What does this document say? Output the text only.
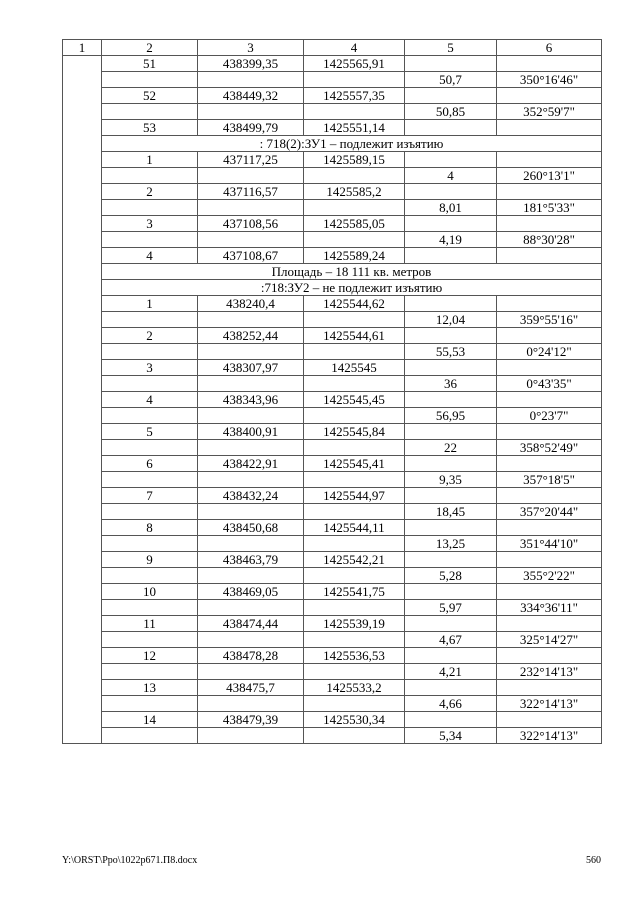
1	2	3	4	5	6
	51	438399,35	1425565,91		
				50,7	350°16'46"
	52	438449,32	1425557,35		
				50,85	352°59'7"
	53	438499,79	1425551,14		
	: 718(2):ЗУ1 – подлежит изъятию				
	1	437117,25	1425589,15		
				4	260°13'1"
	2	437116,57	1425585,2		
				8,01	181°5'33"
	3	437108,56	1425585,05		
				4,19	88°30'28"
	4	437108,67	1425589,24		
	Площадь – 18 111 кв. метров				
	:718:ЗУ2 – не подлежит изъятию				
	1	438240,4	1425544,62		
				12,04	359°55'16"
	2	438252,44	1425544,61		
				55,53	0°24'12"
	3	438307,97	1425545		
				36	0°43'35"
	4	438343,96	1425545,45		
				56,95	0°23'7"
	5	438400,91	1425545,84		
				22	358°52'49"
	6	438422,91	1425545,41		
				9,35	357°18'5"
	7	438432,24	1425544,97		
				18,45	357°20'44"
	8	438450,68	1425544,11		
				13,25	351°44'10"
	9	438463,79	1425542,21		
				5,28	355°2'22"
	10	438469,05	1425541,75		
				5,97	334°36'11"
	11	438474,44	1425539,19		
				4,67	325°14'27"
	12	438478,28	1425536,53		
				4,21	232°14'13"
	13	438475,7	1425533,2		
				4,66	322°14'13"
	14	438479,39	1425530,34		
				5,34	322°14'13"
Y:\ORST\Ppo\1022p671.П8.docx	560
